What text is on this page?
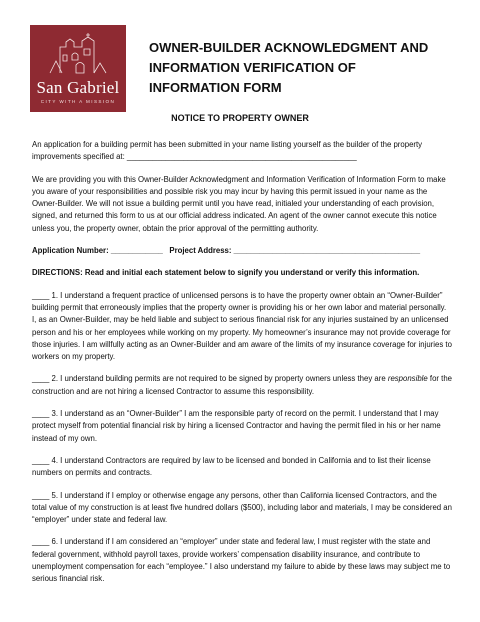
San Gabriel
CITY WITH A MISSION
OWNER-BUILDER ACKNOWLEDGMENT AND INFORMATION VERIFICATION OF INFORMATION FORM
NOTICE TO PROPERTY OWNER

An application for a building permit has been submitted in your name listing yourself as the builder of the property improvements specified at: _____________________________________________________

We are providing you with this Owner-Builder Acknowledgment and Information Verification of Information Form to make you aware of your responsibilities and possible risk you may incur by having this permit issued in your name as the Owner-Builder. We will not issue a building permit until you have read, initialed your understanding of each provision, signed, and returned this form to us at our official address indicated. An agent of the owner cannot execute this notice unless you, the property owner, obtain the prior approval of the permitting authority.

Application Number: ____________ Project Address: ___________________________________________

DIRECTIONS: Read and initial each statement below to signify you understand or verify this information.

____ 1. I understand a frequent practice of unlicensed persons is to have the property owner obtain an “Owner-Builder” building permit that erroneously implies that the property owner is providing his or her own labor and material personally. I, as an Owner-Builder, may be held liable and subject to serious financial risk for any injuries sustained by an unlicensed person and his or her employees while working on my property. My homeowner’s insurance may not provide coverage for those injuries. I am willfully acting as an Owner-Builder and am aware of the limits of my insurance coverage for injuries to workers on my property.

____ 2. I understand building permits are not required to be signed by property owners unless they are responsible for the construction and are not hiring a licensed Contractor to assume this responsibility.

____ 3. I understand as an “Owner-Builder” I am the responsible party of record on the permit. I understand that I may protect myself from potential financial risk by hiring a licensed Contractor and having the permit filed in his or her name instead of my own.

____ 4. I understand Contractors are required by law to be licensed and bonded in California and to list their license numbers on permits and contracts.

____ 5. I understand if I employ or otherwise engage any persons, other than California licensed Contractors, and the total value of my construction is at least five hundred dollars ($500), including labor and materials, I may be considered an “employer” under state and federal law.

____ 6. I understand if I am considered an “employer” under state and federal law, I must register with the state and federal government, withhold payroll taxes, provide workers’ compensation disability insurance, and contribute to unemployment compensation for each “employee.” I also understand my failure to abide by these laws may subject me to serious financial risk.
